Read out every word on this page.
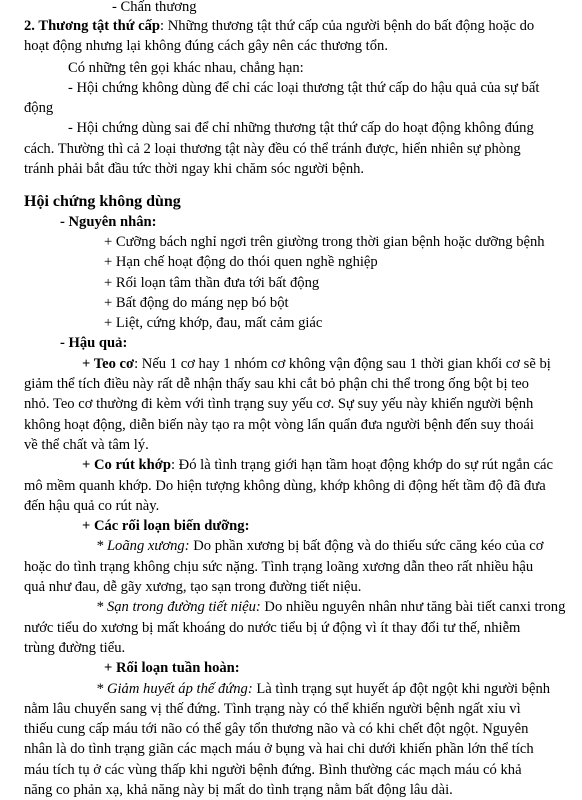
- Chấn thương
2. Thương tật thứ cấp: Những thương tật thứ cấp của người bệnh do bất động hoặc do
hoạt động nhưng lại không đúng cách gây nên các thương tổn.
Có những tên gọi khác nhau, chẳng hạn:
- Hội chứng không dùng để chỉ các loại thương tật thứ cấp do hậu quả của sự bất
động
- Hội chứng dùng sai để chỉ những thương tật thứ cấp do hoạt động không đúng
cách. Thường thì cả 2 loại thương tật này đều có thể tránh được, hiển nhiên sự phòng
tránh phải bắt đầu tức thời ngay khi chăm sóc người bệnh.
Hội chứng không dùng
- Nguyên nhân:
+ Cưỡng bách nghỉ ngơi trên giường trong thời gian bệnh hoặc dưỡng bệnh
+ Hạn chế hoạt động do thói quen nghề nghiệp
+ Rối loạn tâm thần đưa tới bất động
+ Bất động do máng nẹp bó bột
+ Liệt, cứng khớp, đau, mất cảm giác
- Hậu quả:
+ Teo cơ: Nếu 1 cơ hay 1 nhóm cơ không vận động sau 1 thời gian khối cơ sẽ bị
giảm thể tích điều này rất dễ nhận thấy sau khi cắt bỏ phận chi thể trong ống bột bị teo
nhỏ. Teo cơ thường đi kèm với tình trạng suy yếu cơ. Sự suy yếu này khiến người bệnh
không hoạt động, diễn biến này tạo ra một vòng lẩn quẩn đưa người bệnh đến suy thoái
về thể chất và tâm lý.
+ Co rút khớp: Đó là tình trạng giới hạn tầm hoạt động khớp do sự rút ngắn các
mô mềm quanh khớp. Do hiện tượng không dùng, khớp không di động hết tầm độ đã đưa
đến hậu quả co rút này.
+ Các rối loạn biến dưỡng:
* Loãng xương: Do phần xương bị bất động và do thiếu sức căng kéo của cơ
hoặc do tình trạng không chịu sức nặng. Tình trạng loãng xương dẫn theo rất nhiều hậu
quả như đau, dễ gãy xương, tạo sạn trong đường tiết niệu.
* Sạn trong đường tiết niệu: Do nhiều nguyên nhân như tăng bài tiết canxi trong
nước tiểu do xương bị mất khoáng do nước tiểu bị ứ động vì ít thay đổi tư thế, nhiễm
trùng đường tiểu.
+ Rối loạn tuần hoàn:
* Giảm huyết áp thế đứng: Là tình trạng sụt huyết áp đột ngột khi người bệnh
nằm lâu chuyển sang vị thế đứng. Tình trạng này có thể khiến người bệnh ngất xỉu vì
thiếu cung cấp máu tới não có thể gây tổn thương não và có khi chết đột ngột. Nguyên
nhân là do tình trạng giãn các mạch máu ở bụng và hai chi dưới khiến phần lớn thể tích
máu tích tụ ở các vùng thấp khi người bệnh đứng. Bình thường các mạch máu có khả
năng co phản xạ, khả năng này bị mất do tình trạng nằm bất động lâu dài.
